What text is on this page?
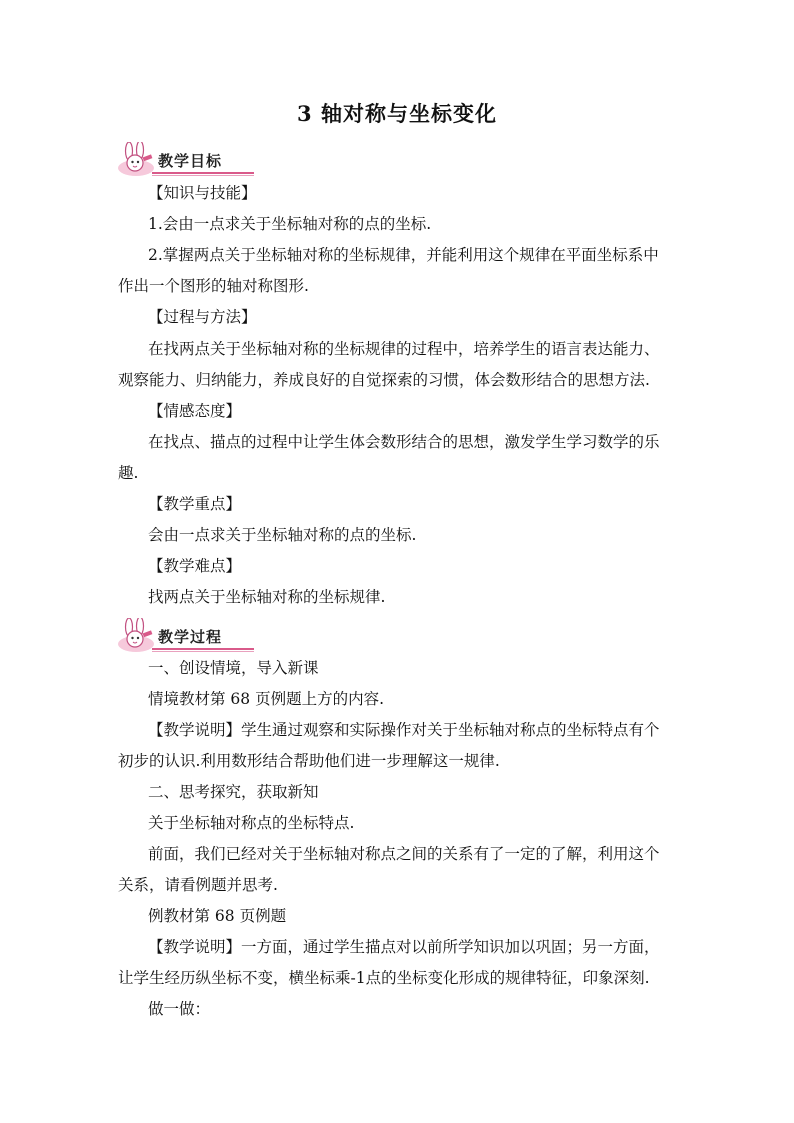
3 轴对称与坐标变化
教学目标
【知识与技能】
1.会由一点求关于坐标轴对称的点的坐标.
2.掌握两点关于坐标轴对称的坐标规律，并能利用这个规律在平面坐标系中
作出一个图形的轴对称图形.
【过程与方法】
在找两点关于坐标轴对称的坐标规律的过程中，培养学生的语言表达能力、
观察能力、归纳能力，养成良好的自觉探索的习惯，体会数形结合的思想方法.
【情感态度】
在找点、描点的过程中让学生体会数形结合的思想，激发学生学习数学的乐
趣.
【教学重点】
会由一点求关于坐标轴对称的点的坐标.
【教学难点】
找两点关于坐标轴对称的坐标规律.
教学过程
一、创设情境，导入新课
情境教材第 68 页例题上方的内容.
【教学说明】学生通过观察和实际操作对关于坐标轴对称点的坐标特点有个
初步的认识.利用数形结合帮助他们进一步理解这一规律.
二、思考探究，获取新知
关于坐标轴对称点的坐标特点.
前面，我们已经对关于坐标轴对称点之间的关系有了一定的了解，利用这个
关系，请看例题并思考.
例教材第 68 页例题
【教学说明】一方面，通过学生描点对以前所学知识加以巩固；另一方面，
让学生经历纵坐标不变，横坐标乘-1点的坐标变化形成的规律特征，印象深刻.
做一做：
